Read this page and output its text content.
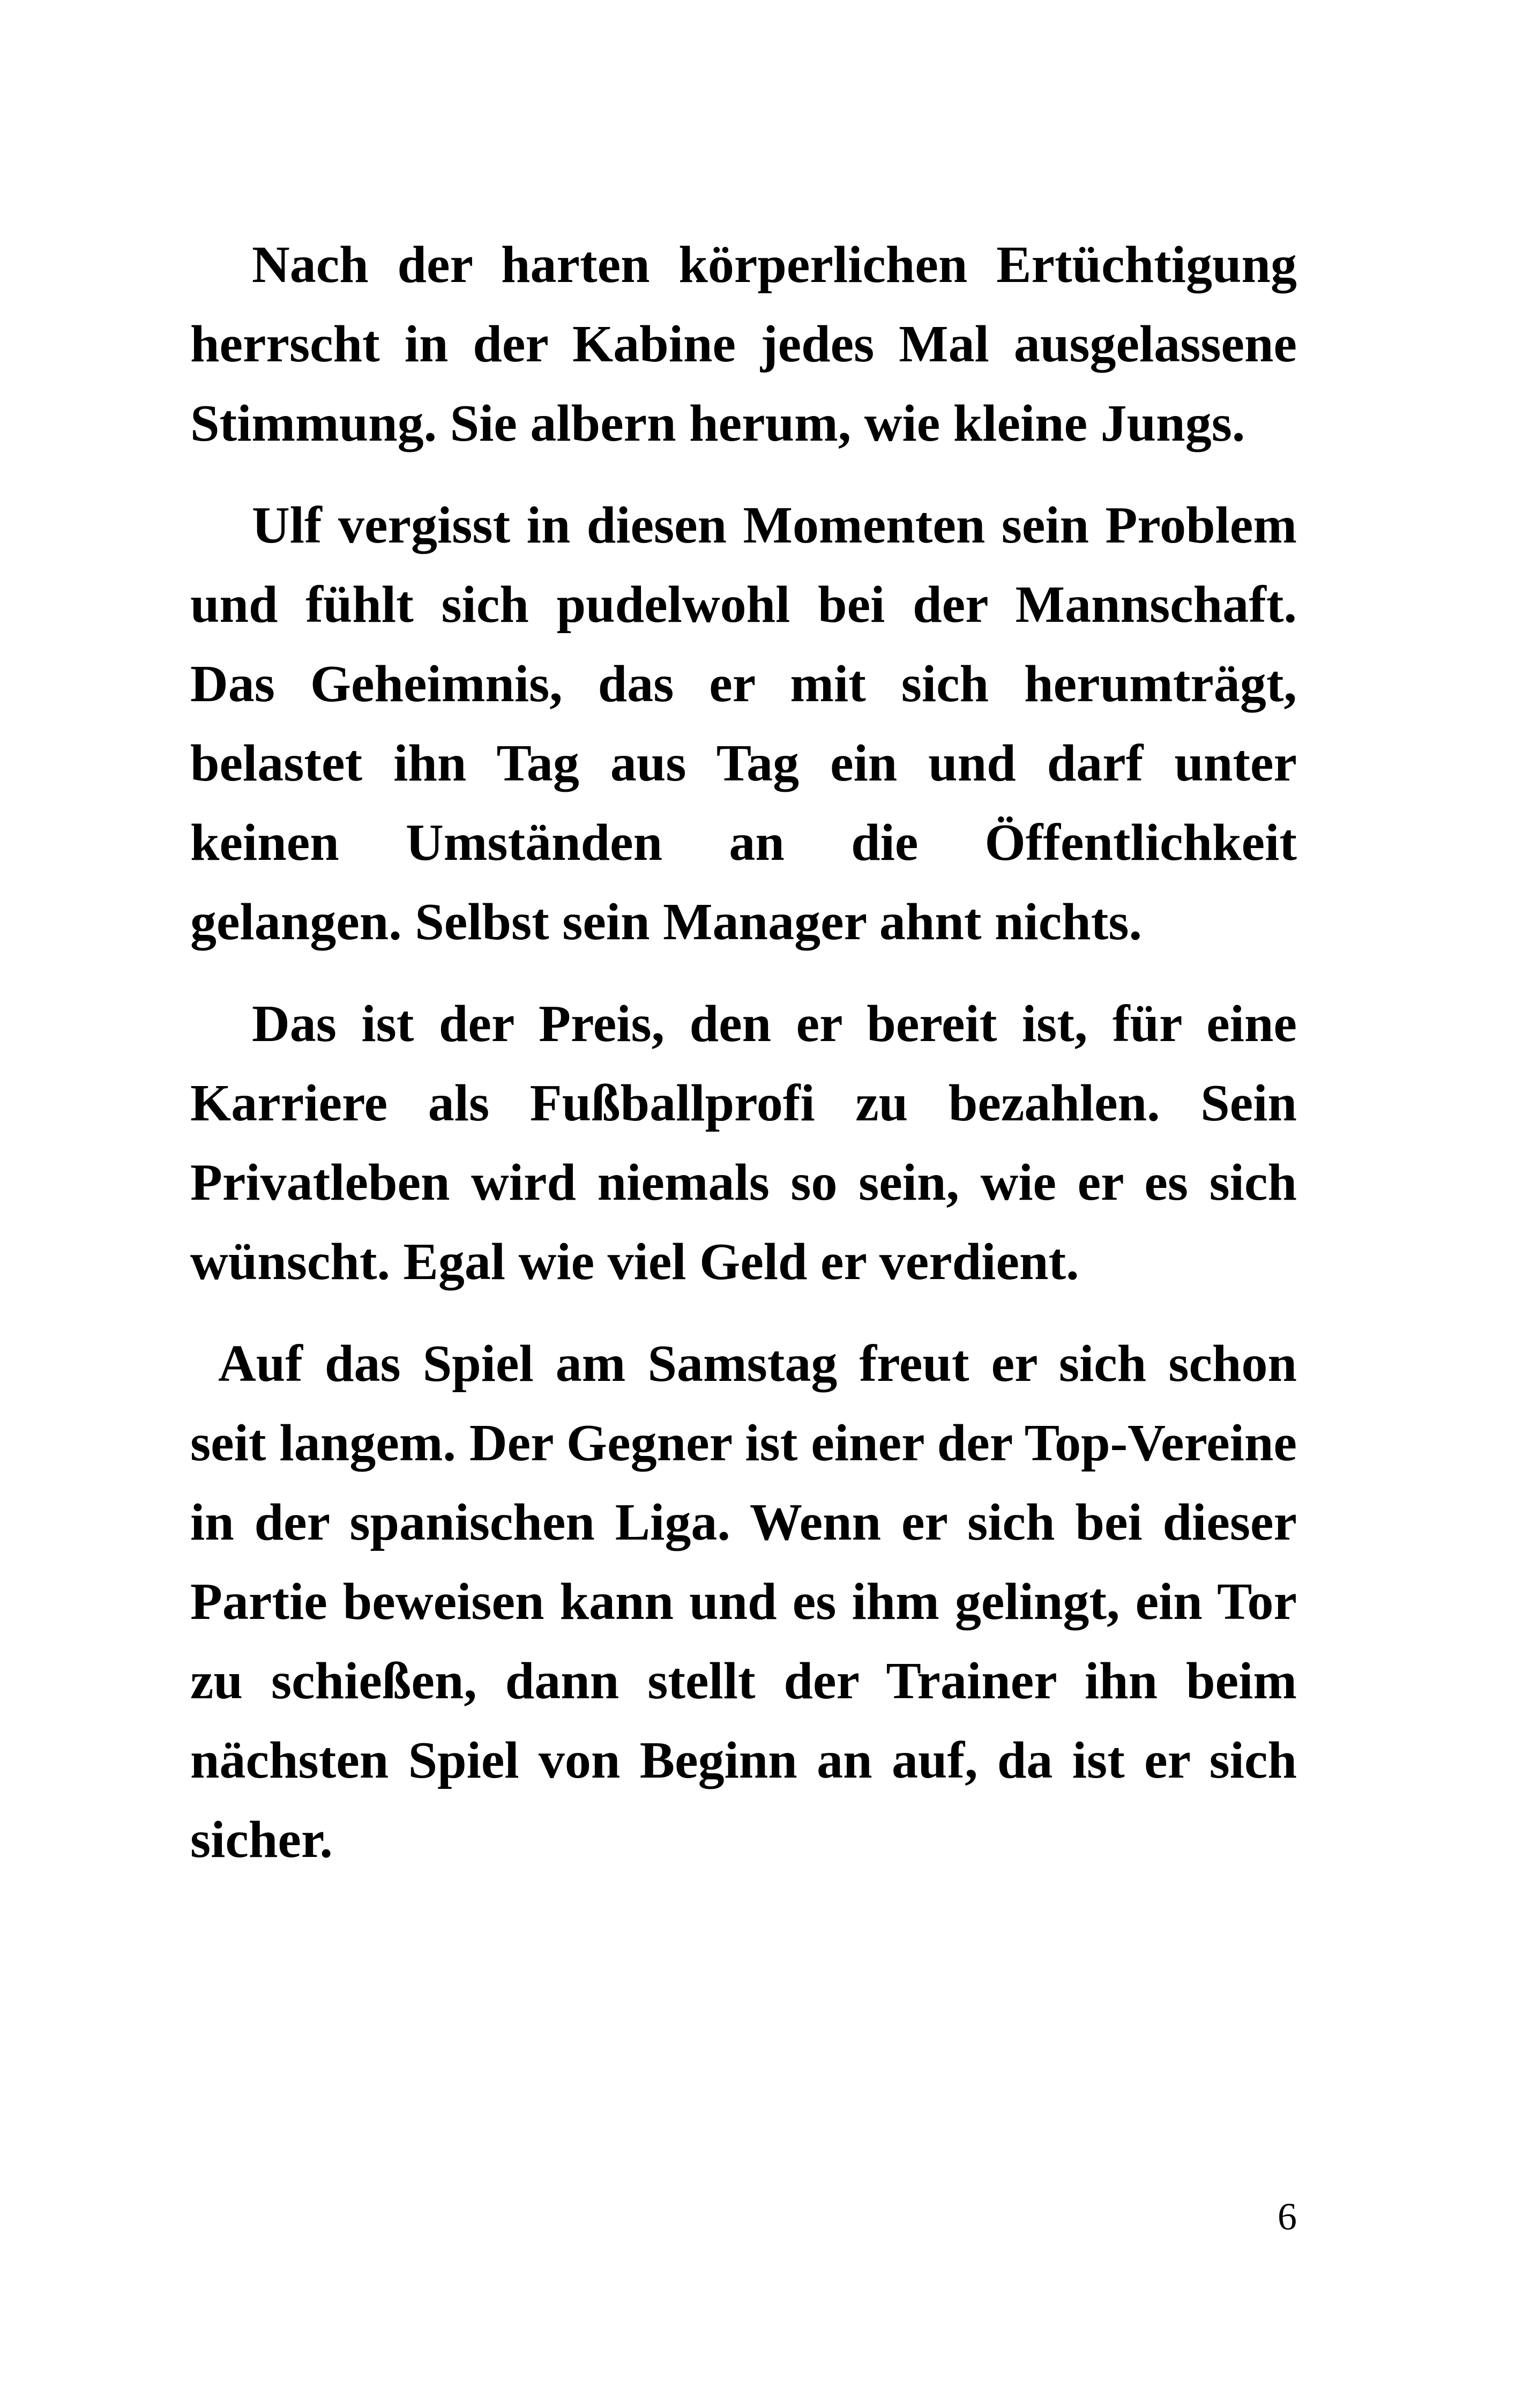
Nach der harten körperlichen Ertüchtigung herrscht in der Kabine jedes Mal ausgelassene Stimmung. Sie albern herum, wie kleine Jungs.

Ulf vergisst in diesen Momenten sein Problem und fühlt sich pudelwohl bei der Mannschaft. Das Geheimnis, das er mit sich herumträgt, belastet ihn Tag aus Tag ein und darf unter keinen Umständen an die Öffentlichkeit gelangen. Selbst sein Manager ahnt nichts.

Das ist der Preis, den er bereit ist, für eine Karriere als Fußballprofi zu bezahlen. Sein Privatleben wird niemals so sein, wie er es sich wünscht. Egal wie viel Geld er verdient.

Auf das Spiel am Samstag freut er sich schon seit langem. Der Gegner ist einer der Top-Vereine in der spanischen Liga. Wenn er sich bei dieser Partie beweisen kann und es ihm gelingt, ein Tor zu schießen, dann stellt der Trainer ihn beim nächsten Spiel von Beginn an auf, da ist er sich sicher.

6
